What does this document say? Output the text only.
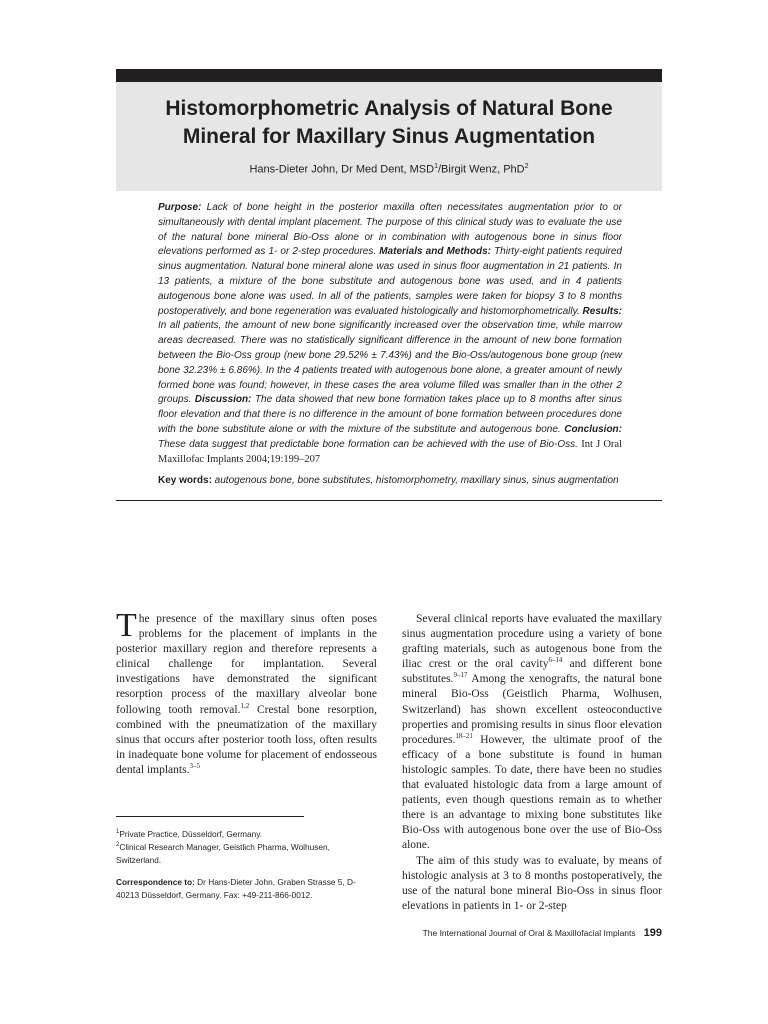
Histomorphometric Analysis of Natural Bone
Mineral for Maxillary Sinus Augmentation
Hans-Dieter John, Dr Med Dent, MSD$^1$/Birgit Wenz, PhD$^2$

Purpose: Lack of bone height in the posterior maxilla often necessitates augmentation prior to or simultaneously with dental implant placement. The purpose of this clinical study was to evaluate the use of the natural bone mineral Bio-Oss alone or in combination with autogenous bone in sinus floor elevations performed as 1- or 2-step procedures. Materials and Methods: Thirty-eight patients required sinus augmentation. Natural bone mineral alone was used in sinus floor augmentation in 21 patients. In 13 patients, a mixture of the bone substitute and autogenous bone was used, and in 4 patients autogenous bone alone was used. In all of the patients, samples were taken for biopsy 3 to 8 months postoperatively, and bone regeneration was evaluated histologically and histomorphometrically. Results: In all patients, the amount of new bone significantly increased over the observation time, while marrow areas decreased. There was no statistically significant difference in the amount of new bone formation between the Bio-Oss group (new bone 29.52% ± 7.43%) and the Bio-Oss/autogenous bone group (new bone 32.23% ± 6.86%). In the 4 patients treated with autogenous bone alone, a greater amount of newly formed bone was found; however, in these cases the area volume filled was smaller than in the other 2 groups. Discussion: The data showed that new bone formation takes place up to 8 months after sinus floor elevation and that there is no difference in the amount of bone formation between procedures done with the bone substitute alone or with the mixture of the substitute and autogenous bone. Conclusion: These data suggest that predictable bone formation can be achieved with the use of Bio-Oss. Int J Oral Maxillofac Implants 2004;19:199–207

Key words: autogenous bone, bone substitutes, histomorphometry, maxillary sinus, sinus augmentation

The presence of the maxillary sinus often poses problems for the placement of implants in the posterior maxillary region and therefore represents a clinical challenge for implantation. Several investigations have demonstrated the significant resorption process of the maxillary alveolar bone following tooth removal.$^{1,2}$ Crestal bone resorption, combined with the pneumatization of the maxillary sinus that occurs after posterior tooth loss, often results in inadequate bone volume for placement of endosseous dental implants.$^{3-5}$

Several clinical reports have evaluated the maxillary sinus augmentation procedure using a variety of bone grafting materials, such as autogenous bone from the iliac crest or the oral cavity$^{6-14}$ and different bone substitutes.$^{9-17}$ Among the xenografts, the natural bone mineral Bio-Oss (Geistlich Pharma, Wolhusen, Switzerland) has shown excellent osteoconductive properties and promising results in sinus floor elevation procedures.$^{18-21}$ However, the ultimate proof of the efficacy of a bone substitute is found in human histologic samples. To date, there have been no studies that evaluated histologic data from a large amount of patients, even though questions remain as to whether there is an advantage to mixing bone substitutes like Bio-Oss with autogenous bone over the use of Bio-Oss alone.

The aim of this study was to evaluate, by means of histologic analysis at 3 to 8 months postoperatively, the use of the natural bone mineral Bio-Oss in sinus floor elevations in patients in 1- or 2-step

$^1$Private Practice, Düsseldorf, Germany.

$^2$Clinical Research Manager, Geistlich Pharma, Wolhusen, Switzerland.

Correspondence to: Dr Hans-Dieter John, Graben Strasse 5, D-40213 Düsseldorf, Germany. Fax: +49-211-866-0012.

The International Journal of Oral & Maxillofacial Implants 199
